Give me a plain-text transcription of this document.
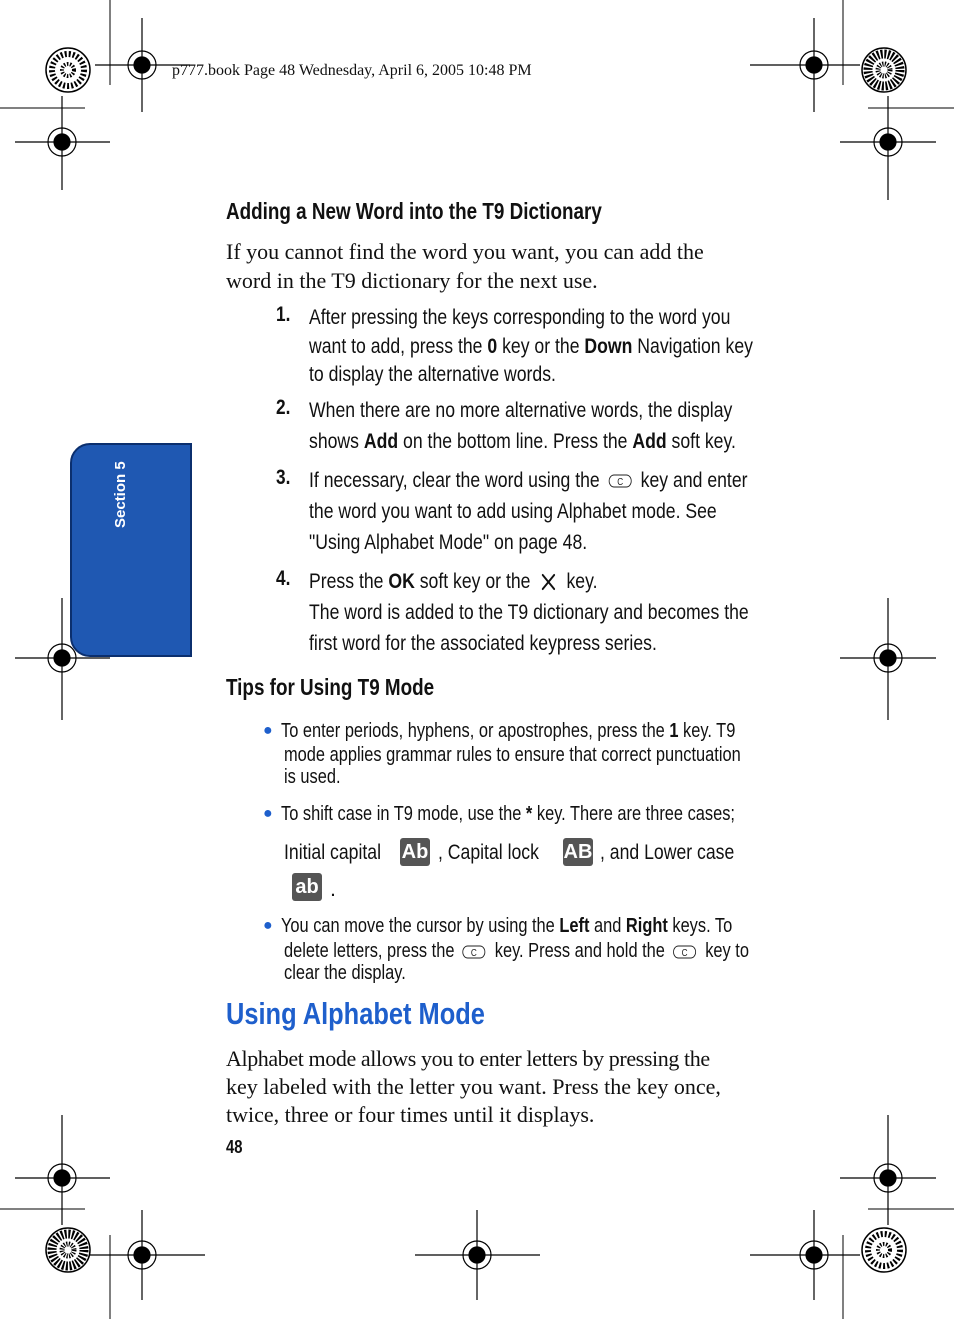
p777.book Page 48 Wednesday, April 6, 2005 10:48 PM
Section 5
Adding a New Word into the T9 Dictionary
If you cannot find the word you want, you can add the
word in the T9 dictionary for the next use.
1. After pressing the keys corresponding to the word you
want to add, press the 0 key or the Down Navigation key
to display the alternative words.
2. When there are no more alternative words, the display
shows Add on the bottom line. Press the Add soft key.
3. If necessary, clear the word using the C key and enter
the word you want to add using Alphabet mode. See
"Using Alphabet Mode" on page 48.
4. Press the OK soft key or the  key.
The word is added to the T9 dictionary and becomes the
first word for the associated keypress series.
Tips for Using T9 Mode
● To enter periods, hyphens, or apostrophes, press the 1 key. T9
mode applies grammar rules to ensure that correct punctuation
is used.
● To shift case in T9 mode, use the * key. There are three cases;
● You can move the cursor by using the Left and Right keys. To
delete letters, press the C key. Press and hold the C key to
clear the display.
Initial capital Ab , Capital lock AB , and Lower case
ab .
Using Alphabet Mode
Alphabet mode allows you to enter letters by pressing the
key labeled with the letter you want. Press the key once,
twice, three or four times until it displays.
48
